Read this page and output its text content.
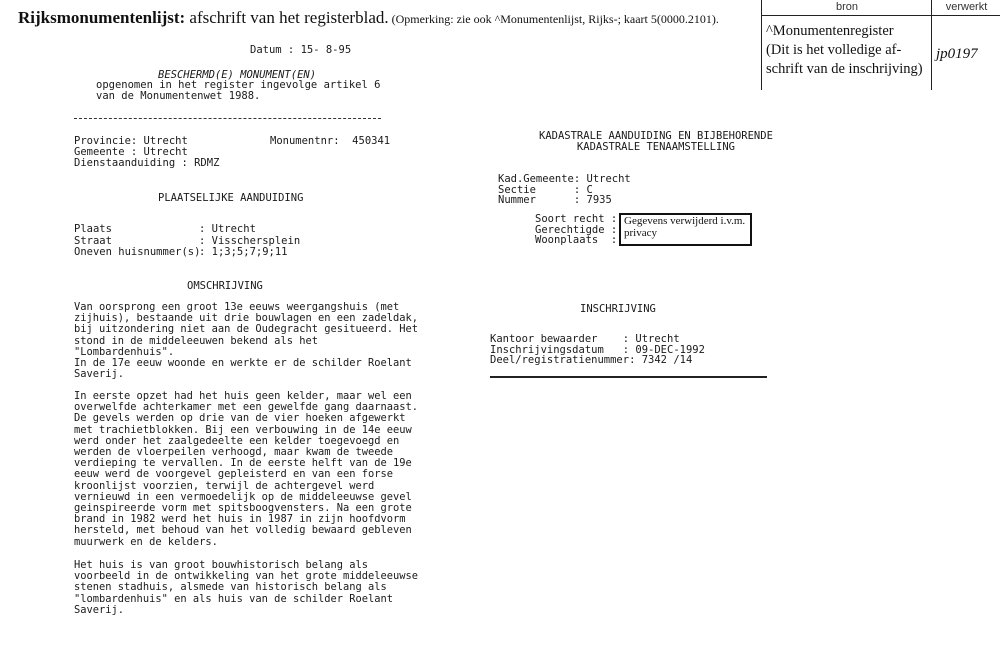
Rijksmonumentenlijst: afschrift van het registerblad. (Opmerking: zie ook ^Monumentenlijst, Rijks-; kaart 5(0000.2101).
bron
^Monumentenregister
(Dit is het volledige af-
schrift van de inschrijving)
verwerkt
jp0197
Datum : 15- 8-95
BESCHERMD(E) MONUMENT(EN)
opgenomen in het register ingevolge artikel 6
van de Monumentenwet 1988.
Provincie: Utrecht	Monumentnr:  450341
Gemeente : Utrecht
Dienstaanduiding : RDMZ
PLAATSELIJKE AANDUIDING
Plaats
Straat
Oneven huisnummer(s)
: Utrecht
: Visschersplein
: 1;3;5;7;9;11
OMSCHRIJVING
Van oorsprong een groot 13e eeuws weergangshuis (met
zijhuis), bestaande uit drie bouwlagen en een zadeldak,
bij uitzondering niet aan de Oudegracht gesitueerd. Het
stond in de middeleeuwen bekend als het
"Lombardenhuis".
In de 17e eeuw woonde en werkte er de schilder Roelant
Saverij.
In eerste opzet had het huis geen kelder, maar wel een
overwelfde achterkamer met een gewelfde gang daarnaast.
De gevels werden op drie van de vier hoeken afgewerkt
met trachietblokken. Bij een verbouwing in de 14e eeuw
werd onder het zaalgedeelte een kelder toegevoegd en
werden de vloerpeilen verhoogd, maar kwam de tweede
verdieping te vervallen. In de eerste helft van de 19e
eeuw werd de voorgevel gepleisterd en van een forse
kroonlijst voorzien, terwijl de achtergevel werd
vernieuwd in een vermoedelijk op de middeleeuwse gevel
geinspireerde vorm met spitsboogvensters. Na een grote
brand in 1982 werd het huis in 1987 in zijn hoofdvorm
hersteld, met behoud van het volledig bewaard gebleven
muurwerk en de kelders.
Het huis is van groot bouwhistorisch belang als
voorbeeld in de ontwikkeling van het grote middeleeuwse
stenen stadhuis, alsmede van historisch belang als
"lombardenhuis" en als huis van de schilder Roelant
Saverij.
KADASTRALE AANDUIDING EN BIJBEHORENDE
KADASTRALE TENAAMSTELLING
Kad.Gemeente: Utrecht
Sectie      : C
Nummer      : 7935
Soort recht :
Gerechtigde :
Woonplaats  :
Gegevens verwijderd i.v.m.
privacy
INSCHRIJVING
Kantoor bewaarder    : Utrecht
Inschrijvingsdatum   : 09-DEC-1992
Deel/registratienummer: 7342 /14
